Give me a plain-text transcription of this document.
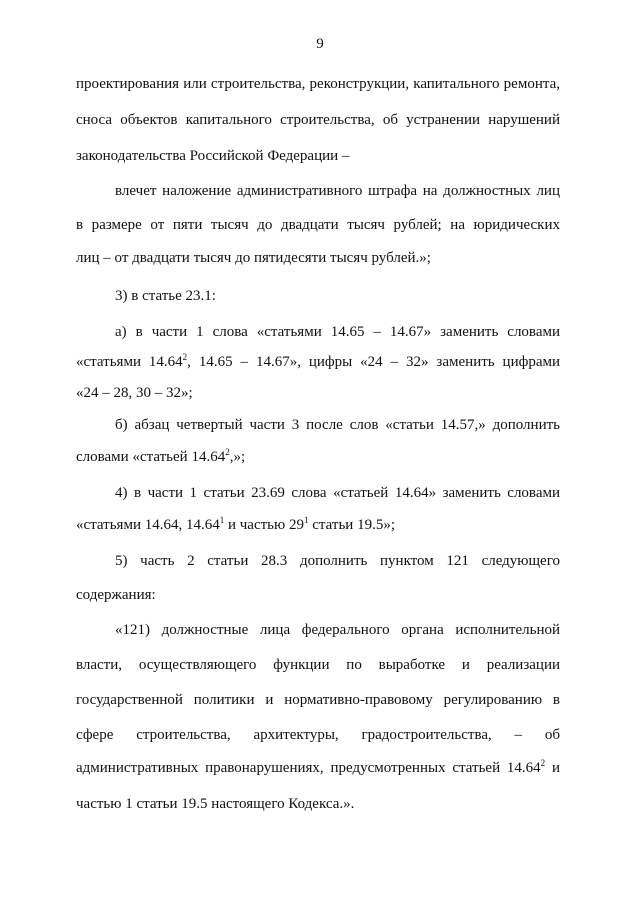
9
проектирования или строительства, реконструкции, капитального ремонта,
сноса объектов капитального строительства, об устранении нарушений
законодательства Российской Федерации –
влечет наложение административного штрафа на должностных лиц
в размере от пяти тысяч до двадцати тысяч рублей; на юридических
лиц – от двадцати тысяч до пятидесяти тысяч рублей.»;
3) в статье 23.1:
а) в части 1 слова «статьями 14.65 – 14.67» заменить словами
«статьями 14.64$^2$, 14.65 – 14.67», цифры «24 – 32» заменить цифрами
«24 – 28, 30 – 32»;
б) абзац четвертый части 3 после слов «статьи 14.57,» дополнить
словами «статьей 14.64$^2$,»;
4) в части 1 статьи 23.69 слова «статьей 14.64» заменить словами
«статьями 14.64, 14.64$^1$ и частью $29^1$ статьи 19.5»;
5) часть 2 статьи 28.3 дополнить пунктом 121 следующего
содержания:
«121) должностные лица федерального органа исполнительной
власти, осуществляющего функции по выработке и реализации
государственной политики и нормативно-правовому регулированию в
сфере строительства, архитектуры, градостроительства, – об
административных правонарушениях, предусмотренных статьей 14.64$^2$ и
частью 1 статьи 19.5 настоящего Кодекса.».
